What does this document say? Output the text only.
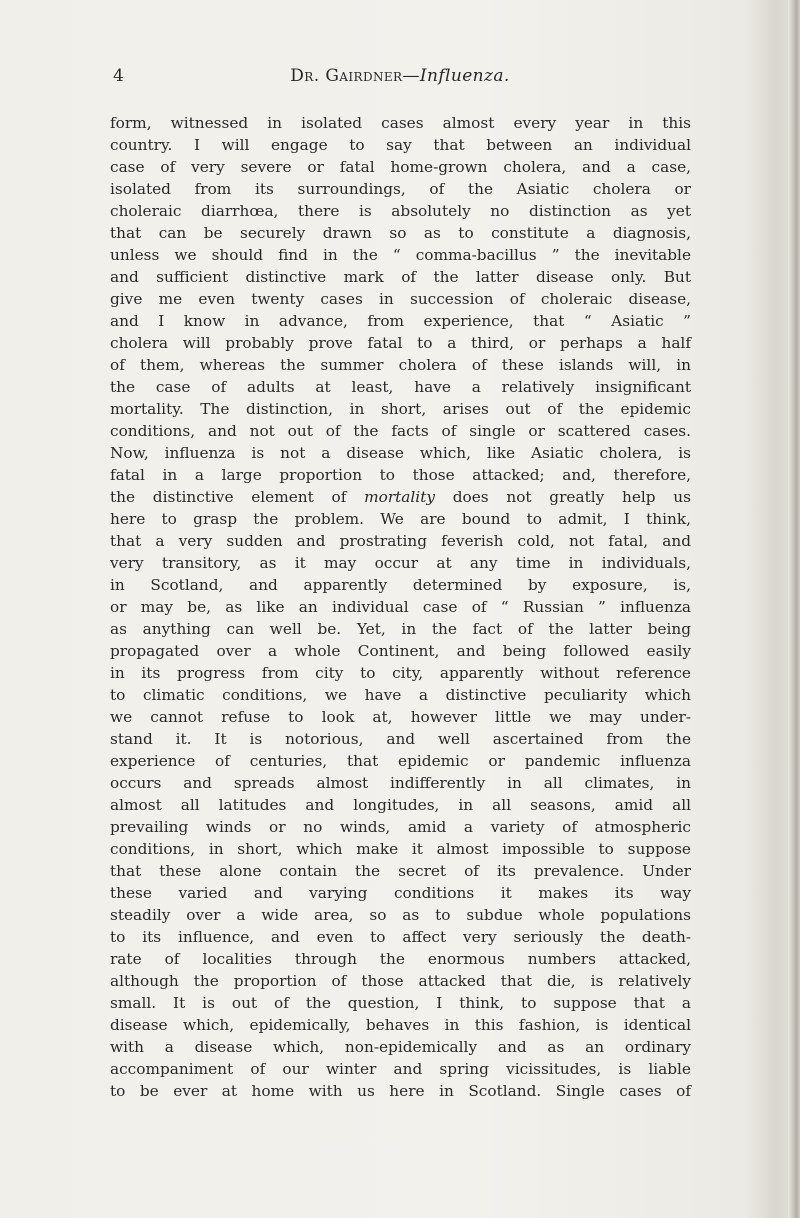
4	Dr. Gairdner—Influenza.
form, witnessed in isolated cases almost every year in this
country. I will engage to say that between an individual
case of very severe or fatal home-grown cholera, and a case,
isolated from its surroundings, of the Asiatic cholera or
choleraic diarrhœa, there is absolutely no distinction as yet
that can be securely drawn so as to constitute a diagnosis,
unless we should find in the “ comma-bacillus ” the inevitable
and sufficient distinctive mark of the latter disease only. But
give me even twenty cases in succession of choleraic disease,
and I know in advance, from experience, that “ Asiatic ”
cholera will probably prove fatal to a third, or perhaps a half
of them, whereas the summer cholera of these islands will, in
the case of adults at least, have a relatively insignificant
mortality. The distinction, in short, arises out of the epidemic
conditions, and not out of the facts of single or scattered cases.
Now, influenza is not a disease which, like Asiatic cholera, is
fatal in a large proportion to those attacked; and, therefore,
the distinctive element of mortality does not greatly help us
here to grasp the problem. We are bound to admit, I think,
that a very sudden and prostrating feverish cold, not fatal, and
very transitory, as it may occur at any time in individuals,
in Scotland, and apparently determined by exposure, is,
or may be, as like an individual case of “ Russian ” influenza
as anything can well be. Yet, in the fact of the latter being
propagated over a whole Continent, and being followed easily
in its progress from city to city, apparently without reference
to climatic conditions, we have a distinctive peculiarity which
we cannot refuse to look at, however little we may under-
stand it. It is notorious, and well ascertained from the
experience of centuries, that epidemic or pandemic influenza
occurs and spreads almost indifferently in all climates, in
almost all latitudes and longitudes, in all seasons, amid all
prevailing winds or no winds, amid a variety of atmospheric
conditions, in short, which make it almost impossible to suppose
that these alone contain the secret of its prevalence. Under
these varied and varying conditions it makes its way
steadily over a wide area, so as to subdue whole populations
to its influence, and even to affect very seriously the death-
rate of localities through the enormous numbers attacked,
although the proportion of those attacked that die, is relatively
small. It is out of the question, I think, to suppose that a
disease which, epidemically, behaves in this fashion, is identical
with a disease which, non-epidemically and as an ordinary
accompaniment of our winter and spring vicissitudes, is liable
to be ever at home with us here in Scotland. Single cases of
